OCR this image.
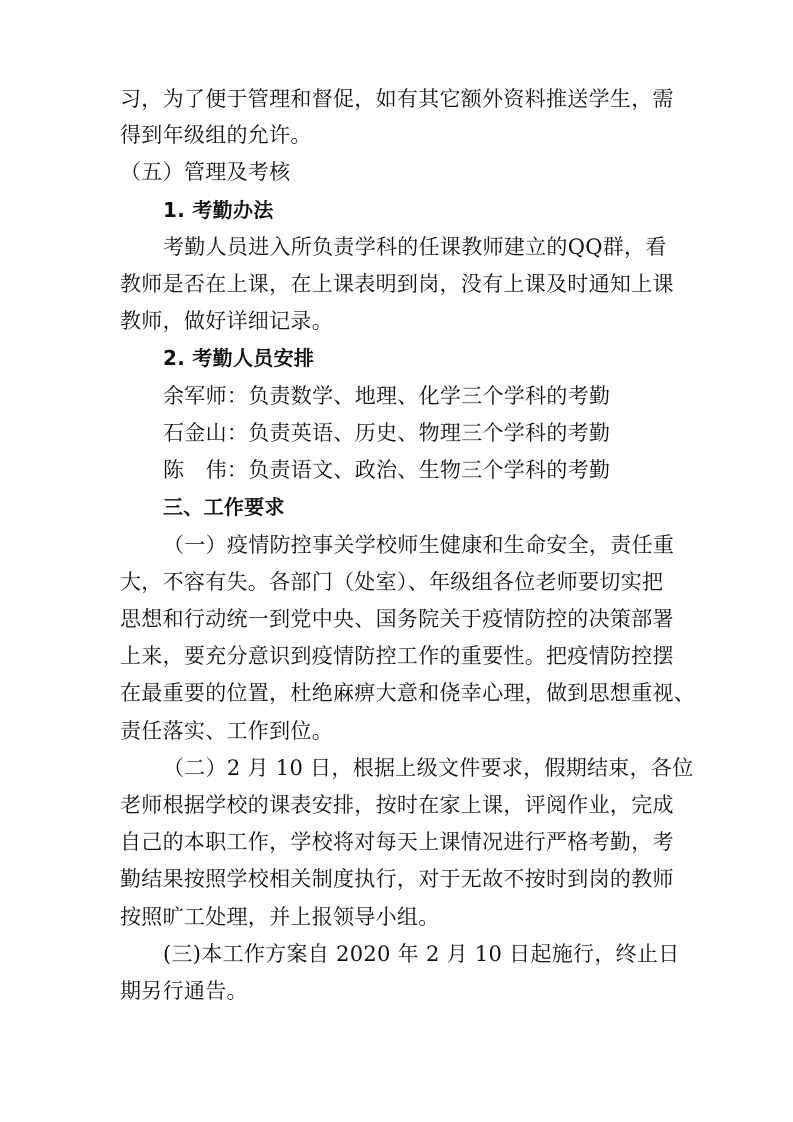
习，为了便于管理和督促，如有其它额外资料推送学生，需
得到年级组的允许。
（五）管理及考核
1. 考勤办法
考勤人员进入所负责学科的任课教师建立的QQ群，看
教师是否在上课，在上课表明到岗，没有上课及时通知上课
教师，做好详细记录。
2. 考勤人员安排
余军师：负责数学、地理、化学三个学科的考勤
石金山：负责英语、历史、物理三个学科的考勤
陈　伟：负责语文、政治、生物三个学科的考勤
三、工作要求
（一）疫情防控事关学校师生健康和生命安全，责任重
大，不容有失。各部门（处室）、年级组各位老师要切实把
思想和行动统一到党中央、国务院关于疫情防控的决策部署
上来，要充分意识到疫情防控工作的重要性。把疫情防控摆
在最重要的位置，杜绝麻痹大意和侥幸心理，做到思想重视、
责任落实、工作到位。
（二）2 月 10 日，根据上级文件要求，假期结束，各位
老师根据学校的课表安排，按时在家上课，评阅作业，完成
自己的本职工作，学校将对每天上课情况进行严格考勤，考
勤结果按照学校相关制度执行，对于无故不按时到岗的教师
按照旷工处理，并上报领导小组。
(三)本工作方案自 2020 年 2 月 10 日起施行，终止日
期另行通告。
